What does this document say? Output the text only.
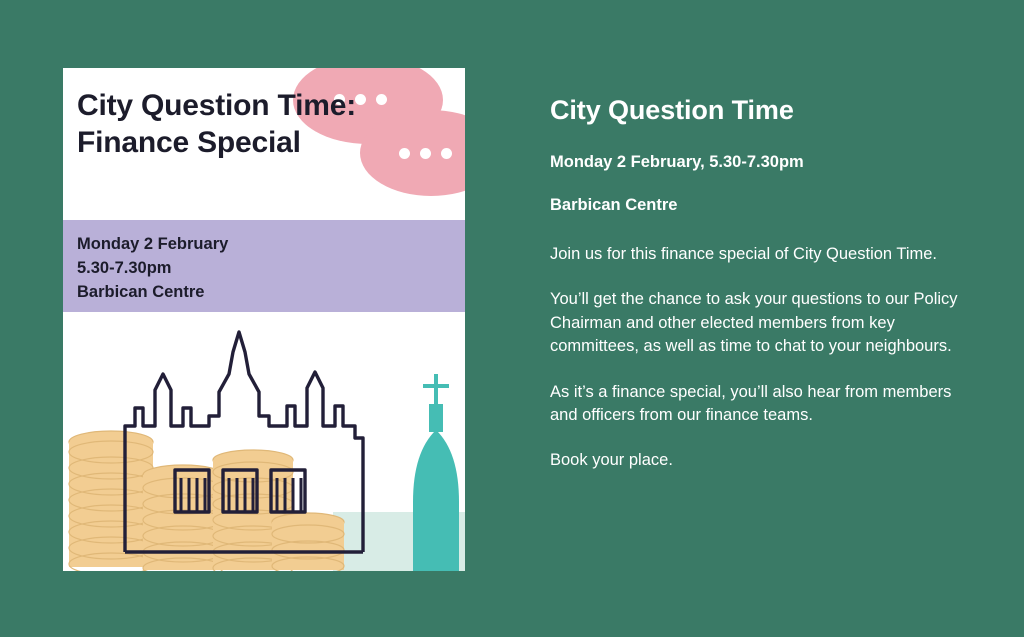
City Question Time: Finance Special
Monday 2 February
5.30-7.30pm
Barbican Centre
City Question Time
Monday 2 February, 5.30-7.30pm
Barbican Centre

Join us for this finance special of City Question Time.

You’ll get the chance to ask your questions to our Policy Chairman and other elected members from key committees, as well as time to chat to your neighbours.

As it’s a finance special, you’ll also hear from members and officers from our finance teams.

Book your place.
